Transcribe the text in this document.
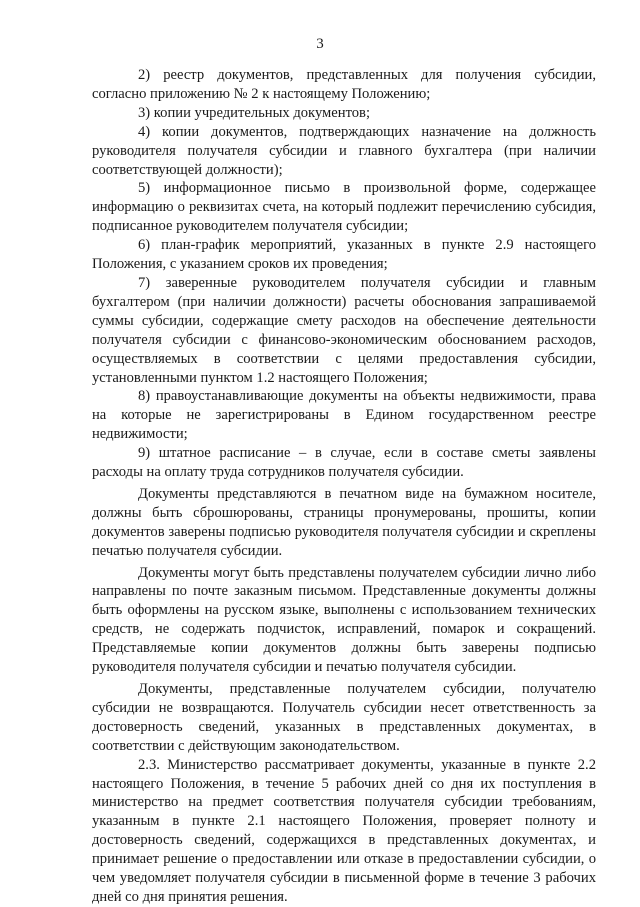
3

2) реестр документов, представленных для получения субсидии, согласно приложению № 2 к настоящему Положению;

3) копии учредительных документов;

4) копии документов, подтверждающих назначение на должность руководителя получателя субсидии и главного бухгалтера (при наличии соответствующей должности);

5) информационное письмо в произвольной форме, содержащее информацию о реквизитах счета, на который подлежит перечислению субсидия, подписанное руководителем получателя субсидии;

6) план-график мероприятий, указанных в пункте 2.9 настоящего Положения, с указанием сроков их проведения;

7) заверенные руководителем получателя субсидии и главным бухгалтером (при наличии должности) расчеты обоснования запрашиваемой суммы субсидии, содержащие смету расходов на обеспечение деятельности получателя субсидии с финансово-экономическим обоснованием расходов, осуществляемых в соответствии с целями предоставления субсидии, установленными пунктом 1.2 настоящего Положения;

8) правоустанавливающие документы на объекты недвижимости, права на которые не зарегистрированы в Едином государственном реестре недвижимости;

9) штатное расписание – в случае, если в составе сметы заявлены расходы на оплату труда сотрудников получателя субсидии.

Документы представляются в печатном виде на бумажном носителе, должны быть сброшюрованы, страницы пронумерованы, прошиты, копии документов заверены подписью руководителя получателя субсидии и скреплены печатью получателя субсидии.

Документы могут быть представлены получателем субсидии лично либо направлены по почте заказным письмом. Представленные документы должны быть оформлены на русском языке, выполнены с использованием технических средств, не содержать подчисток, исправлений, помарок и сокращений. Представляемые копии документов должны быть заверены подписью руководителя получателя субсидии и печатью получателя субсидии.

Документы, представленные получателем субсидии, получателю субсидии не возвращаются. Получатель субсидии несет ответственность за достоверность сведений, указанных в представленных документах, в соответствии с действующим законодательством.

2.3. Министерство рассматривает документы, указанные в пункте 2.2 настоящего Положения, в течение 5 рабочих дней со дня их поступления в министерство на предмет соответствия получателя субсидии требованиям, указанным в пункте 2.1 настоящего Положения, проверяет полноту и достоверность сведений, содержащихся в представленных документах, и принимает решение о предоставлении или отказе в предоставлении субсидии, о чем уведомляет получателя субсидии в письменной форме в течение 3 рабочих дней со дня принятия решения.
